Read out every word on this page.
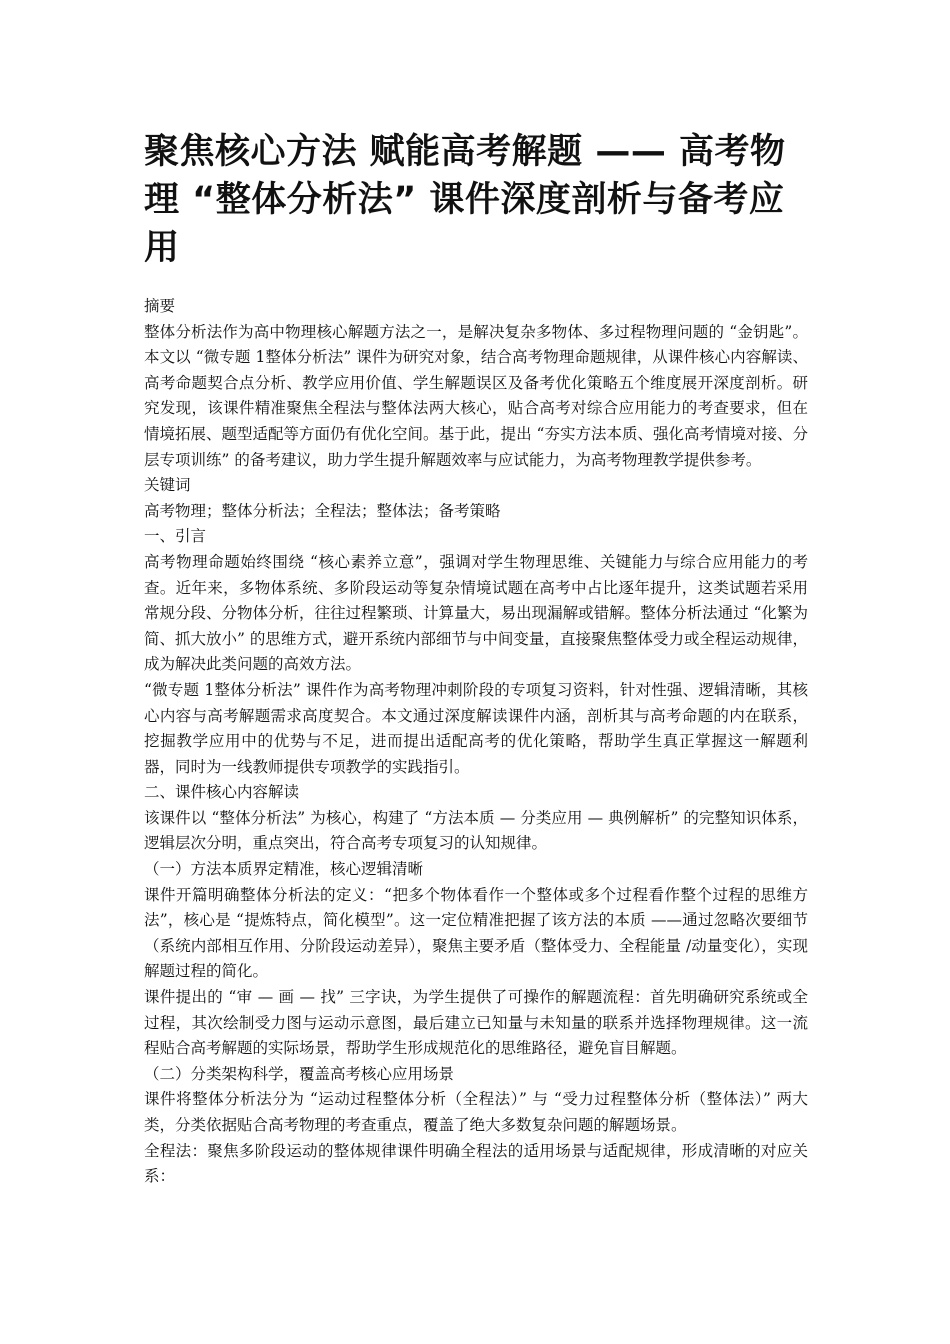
聚焦核心方法 赋能高考解题 —— 高考物理 “整体分析法” 课件深度剖析与备考应用

摘要

整体分析法作为高中物理核心解题方法之一，是解决复杂多物体、多过程物理问题的 “金钥匙”。本文以 “微专题 1整体分析法” 课件为研究对象，结合高考物理命题规律，从课件核心内容解读、高考命题契合点分析、教学应用价值、学生解题误区及备考优化策略五个维度展开深度剖析。研究发现，该课件精准聚焦全程法与整体法两大核心，贴合高考对综合应用能力的考查要求，但在情境拓展、题型适配等方面仍有优化空间。基于此，提出 “夯实方法本质、强化高考情境对接、分层专项训练” 的备考建议，助力学生提升解题效率与应试能力，为高考物理教学提供参考。

关键词

高考物理；整体分析法；全程法；整体法；备考策略

一、引言

高考物理命题始终围绕 “核心素养立意”，强调对学生物理思维、关键能力与综合应用能力的考查。近年来，多物体系统、多阶段运动等复杂情境试题在高考中占比逐年提升，这类试题若采用常规分段、分物体分析，往往过程繁琐、计算量大，易出现漏解或错解。整体分析法通过 “化繁为简、抓大放小” 的思维方式，避开系统内部细节与中间变量，直接聚焦整体受力或全程运动规律，成为解决此类问题的高效方法。

“微专题 1整体分析法” 课件作为高考物理冲刺阶段的专项复习资料，针对性强、逻辑清晰，其核心内容与高考解题需求高度契合。本文通过深度解读课件内涵，剖析其与高考命题的内在联系，挖掘教学应用中的优势与不足，进而提出适配高考的优化策略，帮助学生真正掌握这一解题利器，同时为一线教师提供专项教学的实践指引。

二、课件核心内容解读

该课件以 “整体分析法” 为核心，构建了 “方法本质 — 分类应用 — 典例解析” 的完整知识体系，逻辑层次分明，重点突出，符合高考专项复习的认知规律。

（一）方法本质界定精准，核心逻辑清晰

课件开篇明确整体分析法的定义：“把多个物体看作一个整体或多个过程看作整个过程的思维方法”，核心是 “提炼特点，简化模型”。这一定位精准把握了该方法的本质 ——通过忽略次要细节（系统内部相互作用、分阶段运动差异），聚焦主要矛盾（整体受力、全程能量 /动量变化），实现解题过程的简化。

课件提出的 “审 — 画 — 找” 三字诀，为学生提供了可操作的解题流程：首先明确研究系统或全过程，其次绘制受力图与运动示意图，最后建立已知量与未知量的联系并选择物理规律。这一流程贴合高考解题的实际场景，帮助学生形成规范化的思维路径，避免盲目解题。

（二）分类架构科学，覆盖高考核心应用场景

课件将整体分析法分为 “运动过程整体分析（全程法）” 与 “受力过程整体分析（整体法）” 两大类，分类依据贴合高考物理的考查重点，覆盖了绝大多数复杂问题的解题场景。

全程法：聚焦多阶段运动的整体规律课件明确全程法的适用场景与适配规律，形成清晰的对应关系：
